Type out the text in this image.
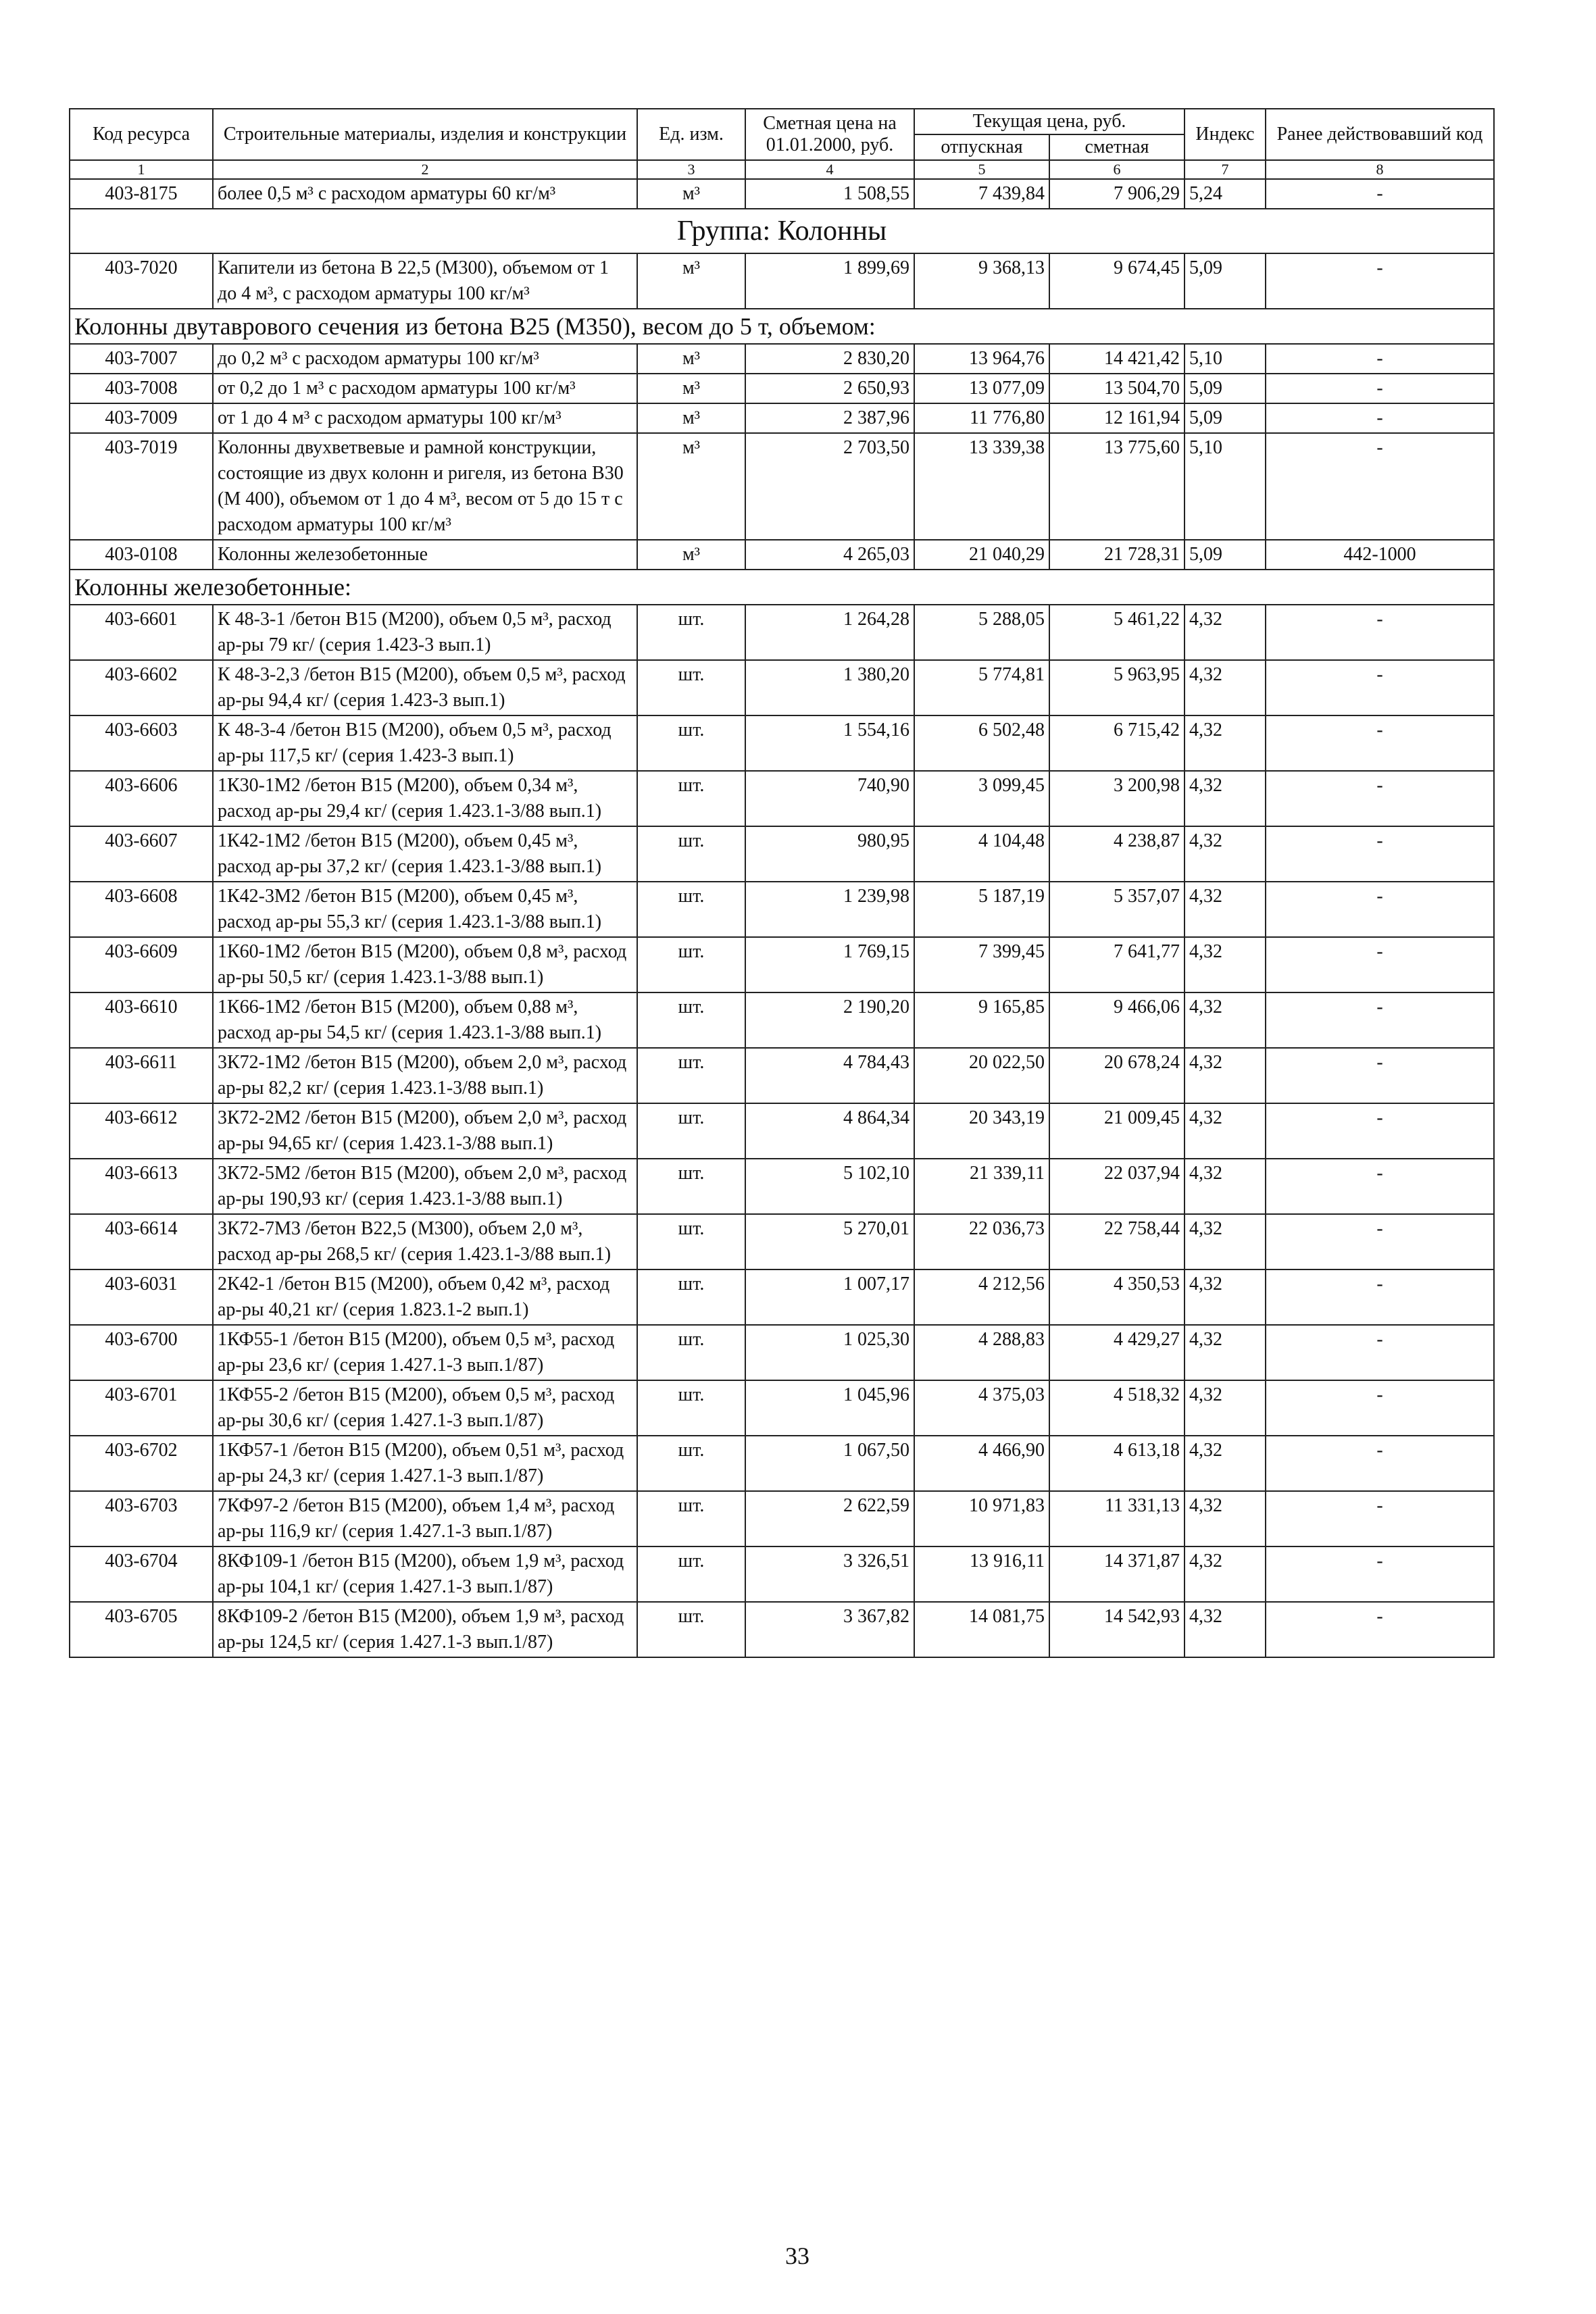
Код ресурса	Строительные материалы, изделия и конструкции	Ед. изм.	Сметная цена на 01.01.2000, руб.	Текущая цена, руб.		Индекс	Ранее действовавший код
				отпускная	сметная		
1	2	3	4	5	6	7	8
403-8175	более 0,5 м³ с расходом арматуры 60 кг/м³	м³	1 508,55	7 439,84	7 906,29	5,24	-
Группа: Колонны							
403-7020	Капители из бетона В 22,5 (М300), объемом от 1 до 4 м³, с расходом арматуры 100 кг/м³	м³	1 899,69	9 368,13	9 674,45	5,09	-
Колонны двутаврового сечения из бетона В25 (М350), весом до 5 т, объемом:							
403-7007	до 0,2 м³ с расходом арматуры 100 кг/м³	м³	2 830,20	13 964,76	14 421,42	5,10	-
403-7008	от 0,2 до 1 м³ с расходом арматуры 100 кг/м³	м³	2 650,93	13 077,09	13 504,70	5,09	-
403-7009	от 1 до 4 м³ с расходом арматуры 100 кг/м³	м³	2 387,96	11 776,80	12 161,94	5,09	-
403-7019	Колонны двухветвевые и рамной конструкции, состоящие из двух колонн и ригеля, из бетона В30 (М 400), объемом от 1 до 4 м³, весом от 5 до 15 т с расходом арматуры 100 кг/м³	м³	2 703,50	13 339,38	13 775,60	5,10	-
403-0108	Колонны железобетонные	м³	4 265,03	21 040,29	21 728,31	5,09	442-1000
Колонны железобетонные:							
403-6601	К 48-3-1 /бетон В15 (М200), объем 0,5 м³, расход ар-ры 79 кг/ (серия 1.423-3 вып.1)	шт.	1 264,28	5 288,05	5 461,22	4,32	-
403-6602	К 48-3-2,3 /бетон В15 (М200), объем 0,5 м³, расход ар-ры 94,4 кг/ (серия 1.423-3 вып.1)	шт.	1 380,20	5 774,81	5 963,95	4,32	-
403-6603	К 48-3-4 /бетон В15 (М200), объем 0,5 м³, расход ар-ры 117,5 кг/ (серия 1.423-3 вып.1)	шт.	1 554,16	6 502,48	6 715,42	4,32	-
403-6606	1К30-1М2 /бетон В15 (М200), объем 0,34 м³, расход ар-ры 29,4 кг/ (серия 1.423.1-3/88 вып.1)	шт.	740,90	3 099,45	3 200,98	4,32	-
403-6607	1К42-1М2 /бетон В15 (М200), объем 0,45 м³, расход ар-ры 37,2 кг/ (серия 1.423.1-3/88 вып.1)	шт.	980,95	4 104,48	4 238,87	4,32	-
403-6608	1К42-3М2 /бетон В15 (М200), объем 0,45 м³, расход ар-ры 55,3 кг/ (серия 1.423.1-3/88 вып.1)	шт.	1 239,98	5 187,19	5 357,07	4,32	-
403-6609	1К60-1М2 /бетон В15 (М200), объем 0,8 м³, расход ар-ры 50,5 кг/ (серия 1.423.1-3/88 вып.1)	шт.	1 769,15	7 399,45	7 641,77	4,32	-
403-6610	1К66-1М2 /бетон В15 (М200), объем 0,88 м³, расход ар-ры 54,5 кг/ (серия 1.423.1-3/88 вып.1)	шт.	2 190,20	9 165,85	9 466,06	4,32	-
403-6611	3К72-1М2 /бетон В15 (М200), объем 2,0 м³, расход ар-ры 82,2 кг/ (серия 1.423.1-3/88 вып.1)	шт.	4 784,43	20 022,50	20 678,24	4,32	-
403-6612	3К72-2М2 /бетон В15 (М200), объем 2,0 м³, расход ар-ры 94,65 кг/ (серия 1.423.1-3/88 вып.1)	шт.	4 864,34	20 343,19	21 009,45	4,32	-
403-6613	3К72-5М2 /бетон В15 (М200), объем 2,0 м³, расход ар-ры 190,93 кг/ (серия 1.423.1-3/88 вып.1)	шт.	5 102,10	21 339,11	22 037,94	4,32	-
403-6614	3К72-7М3 /бетон В22,5 (М300), объем 2,0 м³, расход ар-ры 268,5 кг/ (серия 1.423.1-3/88 вып.1)	шт.	5 270,01	22 036,73	22 758,44	4,32	-
403-6031	2К42-1 /бетон В15 (М200), объем 0,42 м³, расход ар-ры 40,21 кг/ (серия 1.823.1-2 вып.1)	шт.	1 007,17	4 212,56	4 350,53	4,32	-
403-6700	1КФ55-1 /бетон В15 (М200), объем 0,5 м³, расход ар-ры 23,6 кг/ (серия 1.427.1-3 вып.1/87)	шт.	1 025,30	4 288,83	4 429,27	4,32	-
403-6701	1КФ55-2 /бетон В15 (М200), объем 0,5 м³, расход ар-ры 30,6 кг/ (серия 1.427.1-3 вып.1/87)	шт.	1 045,96	4 375,03	4 518,32	4,32	-
403-6702	1КФ57-1 /бетон В15 (М200), объем 0,51 м³, расход ар-ры 24,3 кг/ (серия 1.427.1-3 вып.1/87)	шт.	1 067,50	4 466,90	4 613,18	4,32	-
403-6703	7КФ97-2 /бетон В15 (М200), объем 1,4 м³, расход ар-ры 116,9 кг/ (серия 1.427.1-3 вып.1/87)	шт.	2 622,59	10 971,83	11 331,13	4,32	-
403-6704	8КФ109-1 /бетон В15 (М200), объем 1,9 м³, расход ар-ры 104,1 кг/ (серия 1.427.1-3 вып.1/87)	шт.	3 326,51	13 916,11	14 371,87	4,32	-
403-6705	8КФ109-2 /бетон В15 (М200), объем 1,9 м³, расход ар-ры 124,5 кг/ (серия 1.427.1-3 вып.1/87)	шт.	3 367,82	14 081,75	14 542,93	4,32	-
33
